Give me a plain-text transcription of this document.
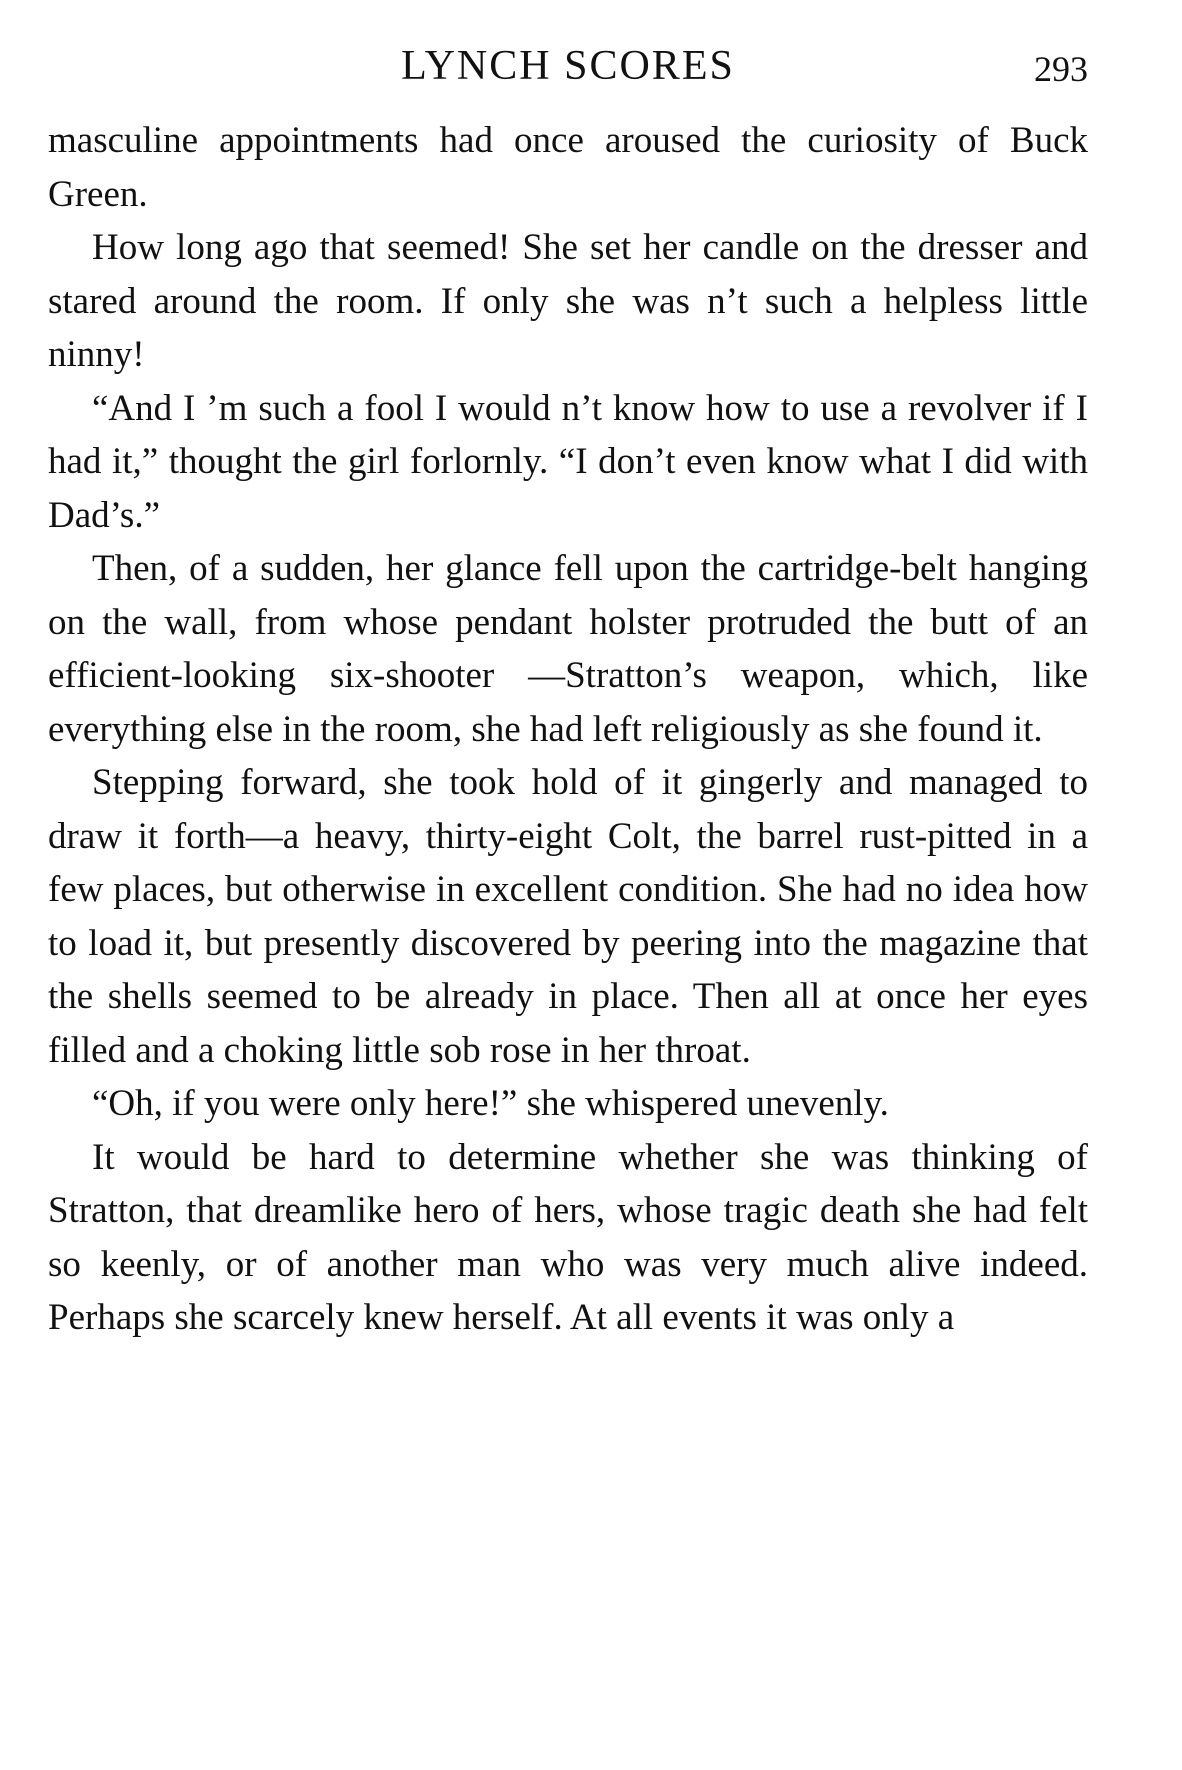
LYNCH SCORES	293

masculine appointments had once aroused the curiosity of Buck Green.

How long ago that seemed! She set her candle on the dresser and stared around the room. If only she was n’t such a helpless little ninny!

“And I ’m such a fool I would n’t know how to use a revolver if I had it,” thought the girl forlornly. “I don’t even know what I did with Dad’s.”

Then, of a sudden, her glance fell upon the cartridge-belt hanging on the wall, from whose pendant holster protruded the butt of an efficient-looking six-shooter —Stratton’s weapon, which, like everything else in the room, she had left religiously as she found it.

Stepping forward, she took hold of it gingerly and managed to draw it forth—a heavy, thirty-eight Colt, the barrel rust-pitted in a few places, but otherwise in excellent condition. She had no idea how to load it, but presently discovered by peering into the magazine that the shells seemed to be already in place. Then all at once her eyes filled and a choking little sob rose in her throat.

“Oh, if you were only here!” she whispered unevenly.

It would be hard to determine whether she was thinking of Stratton, that dreamlike hero of hers, whose tragic death she had felt so keenly, or of another man who was very much alive indeed. Perhaps she scarcely knew herself. At all events it was only a
